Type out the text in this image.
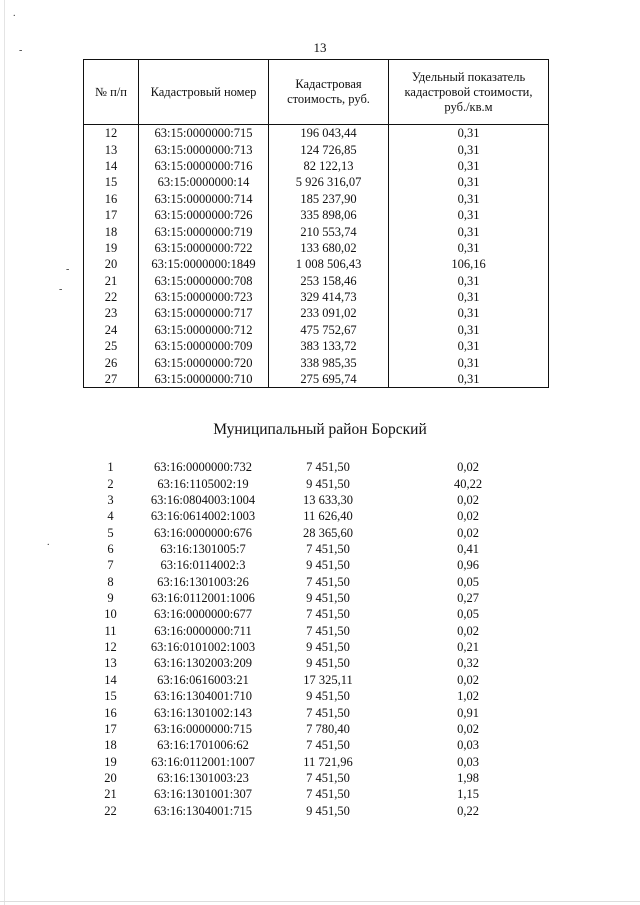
.
-
-
-
.
13
№ п/п	Кадастровый номер	Кадастровая стоимость, руб.	Удельный показатель кадастровой стоимости, руб./кв.м
12	63:15:0000000:715	196 043,44	0,31
13	63:15:0000000:713	124 726,85	0,31
14	63:15:0000000:716	82 122,13	0,31
15	63:15:0000000:14	5 926 316,07	0,31
16	63:15:0000000:714	185 237,90	0,31
17	63:15:0000000:726	335 898,06	0,31
18	63:15:0000000:719	210 553,74	0,31
19	63:15:0000000:722	133 680,02	0,31
20	63:15:0000000:1849	1 008 506,43	106,16
21	63:15:0000000:708	253 158,46	0,31
22	63:15:0000000:723	329 414,73	0,31
23	63:15:0000000:717	233 091,02	0,31
24	63:15:0000000:712	475 752,67	0,31
25	63:15:0000000:709	383 133,72	0,31
26	63:15:0000000:720	338 985,35	0,31
27	63:15:0000000:710	275 695,74	0,31
Муниципальный район Борский
1	63:16:0000000:732	7 451,50	0,02
2	63:16:1105002:19	9 451,50	40,22
3	63:16:0804003:1004	13 633,30	0,02
4	63:16:0614002:1003	11 626,40	0,02
5	63:16:0000000:676	28 365,60	0,02
6	63:16:1301005:7	7 451,50	0,41
7	63:16:0114002:3	9 451,50	0,96
8	63:16:1301003:26	7 451,50	0,05
9	63:16:0112001:1006	9 451,50	0,27
10	63:16:0000000:677	7 451,50	0,05
11	63:16:0000000:711	7 451,50	0,02
12	63:16:0101002:1003	9 451,50	0,21
13	63:16:1302003:209	9 451,50	0,32
14	63:16:0616003:21	17 325,11	0,02
15	63:16:1304001:710	9 451,50	1,02
16	63:16:1301002:143	7 451,50	0,91
17	63:16:0000000:715	7 780,40	0,02
18	63:16:1701006:62	7 451,50	0,03
19	63:16:0112001:1007	11 721,96	0,03
20	63:16:1301003:23	7 451,50	1,98
21	63:16:1301001:307	7 451,50	1,15
22	63:16:1304001:715	9 451,50	0,22
